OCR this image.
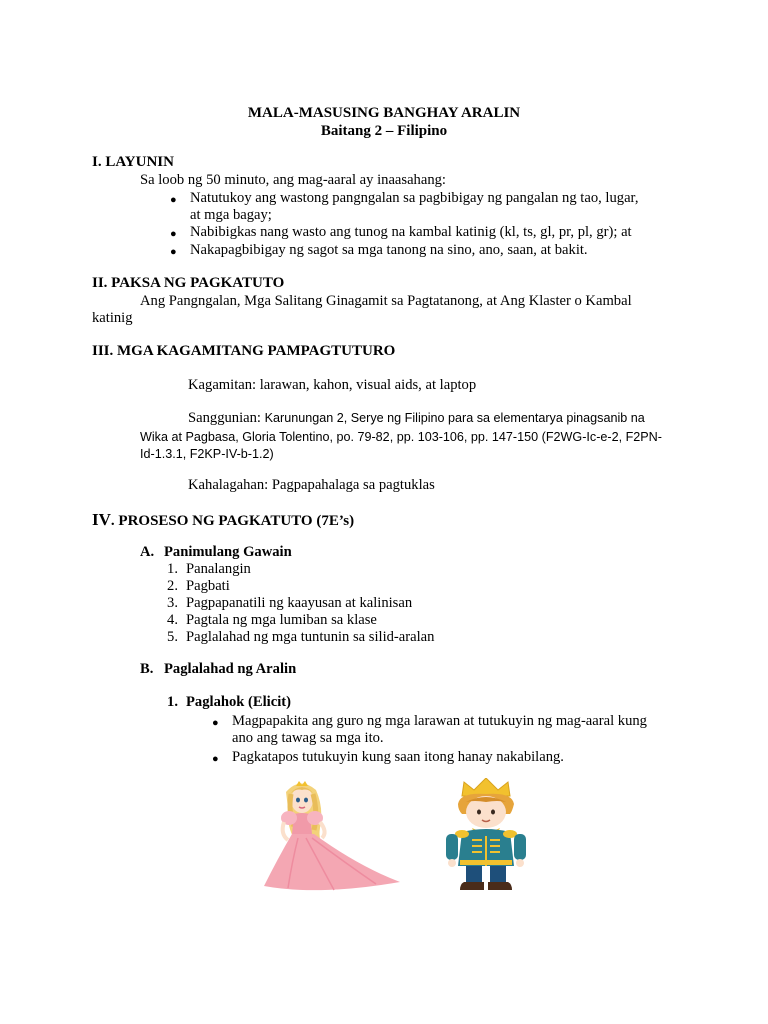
MALA-MASUSING BANGHAY ARALIN
Baitang 2 – Filipino
I. LAYUNIN
Sa loob ng 50 minuto, ang mag-aaral ay inaasahang:
● Natutukoy ang wastong pangngalan sa pagbibigay ng pangalan ng tao, lugar,
at mga bagay;
● Nabibigkas nang wasto ang tunog na kambal katinig (kl, ts, gl, pr, pl, gr); at
● Nakapagbibigay ng sagot sa mga tanong na sino, ano, saan, at bakit.
II. PAKSA NG PAGKATUTO
Ang Pangngalan, Mga Salitang Ginagamit sa Pagtatanong, at Ang Klaster o Kambal
katinig
III. MGA KAGAMITANG PAMPAGTUTURO
Kagamitan: larawan, kahon, visual aids, at laptop
Sanggunian: Karunungan 2, Serye ng Filipino para sa elementarya pinagsanib na
Wika at Pagbasa, Gloria Tolentino, po. 79-82, pp. 103-106, pp. 147-150 (F2WG-Ic-e-2, F2PN-
Id-1.3.1, F2KP-IV-b-1.2)
Kahalagahan: Pagpapahalaga sa pagtuklas
IV. PROSESO NG PAGKATUTO (7E’s)
A. Panimulang Gawain
1. Panalangin
2. Pagbati
3. Pagpapanatili ng kaayusan at kalinisan
4. Pagtala ng mga lumiban sa klase
5. Paglalahad ng mga tuntunin sa silid-aralan
B. Paglalahad ng Aralin
1. Paglahok (Elicit)
● Magpapakita ang guro ng mga larawan at tutukuyin ng mag-aaral kung
ano ang tawag sa mga ito.
● Pagkatapos tutukuyin kung saan itong hanay nakabilang.
